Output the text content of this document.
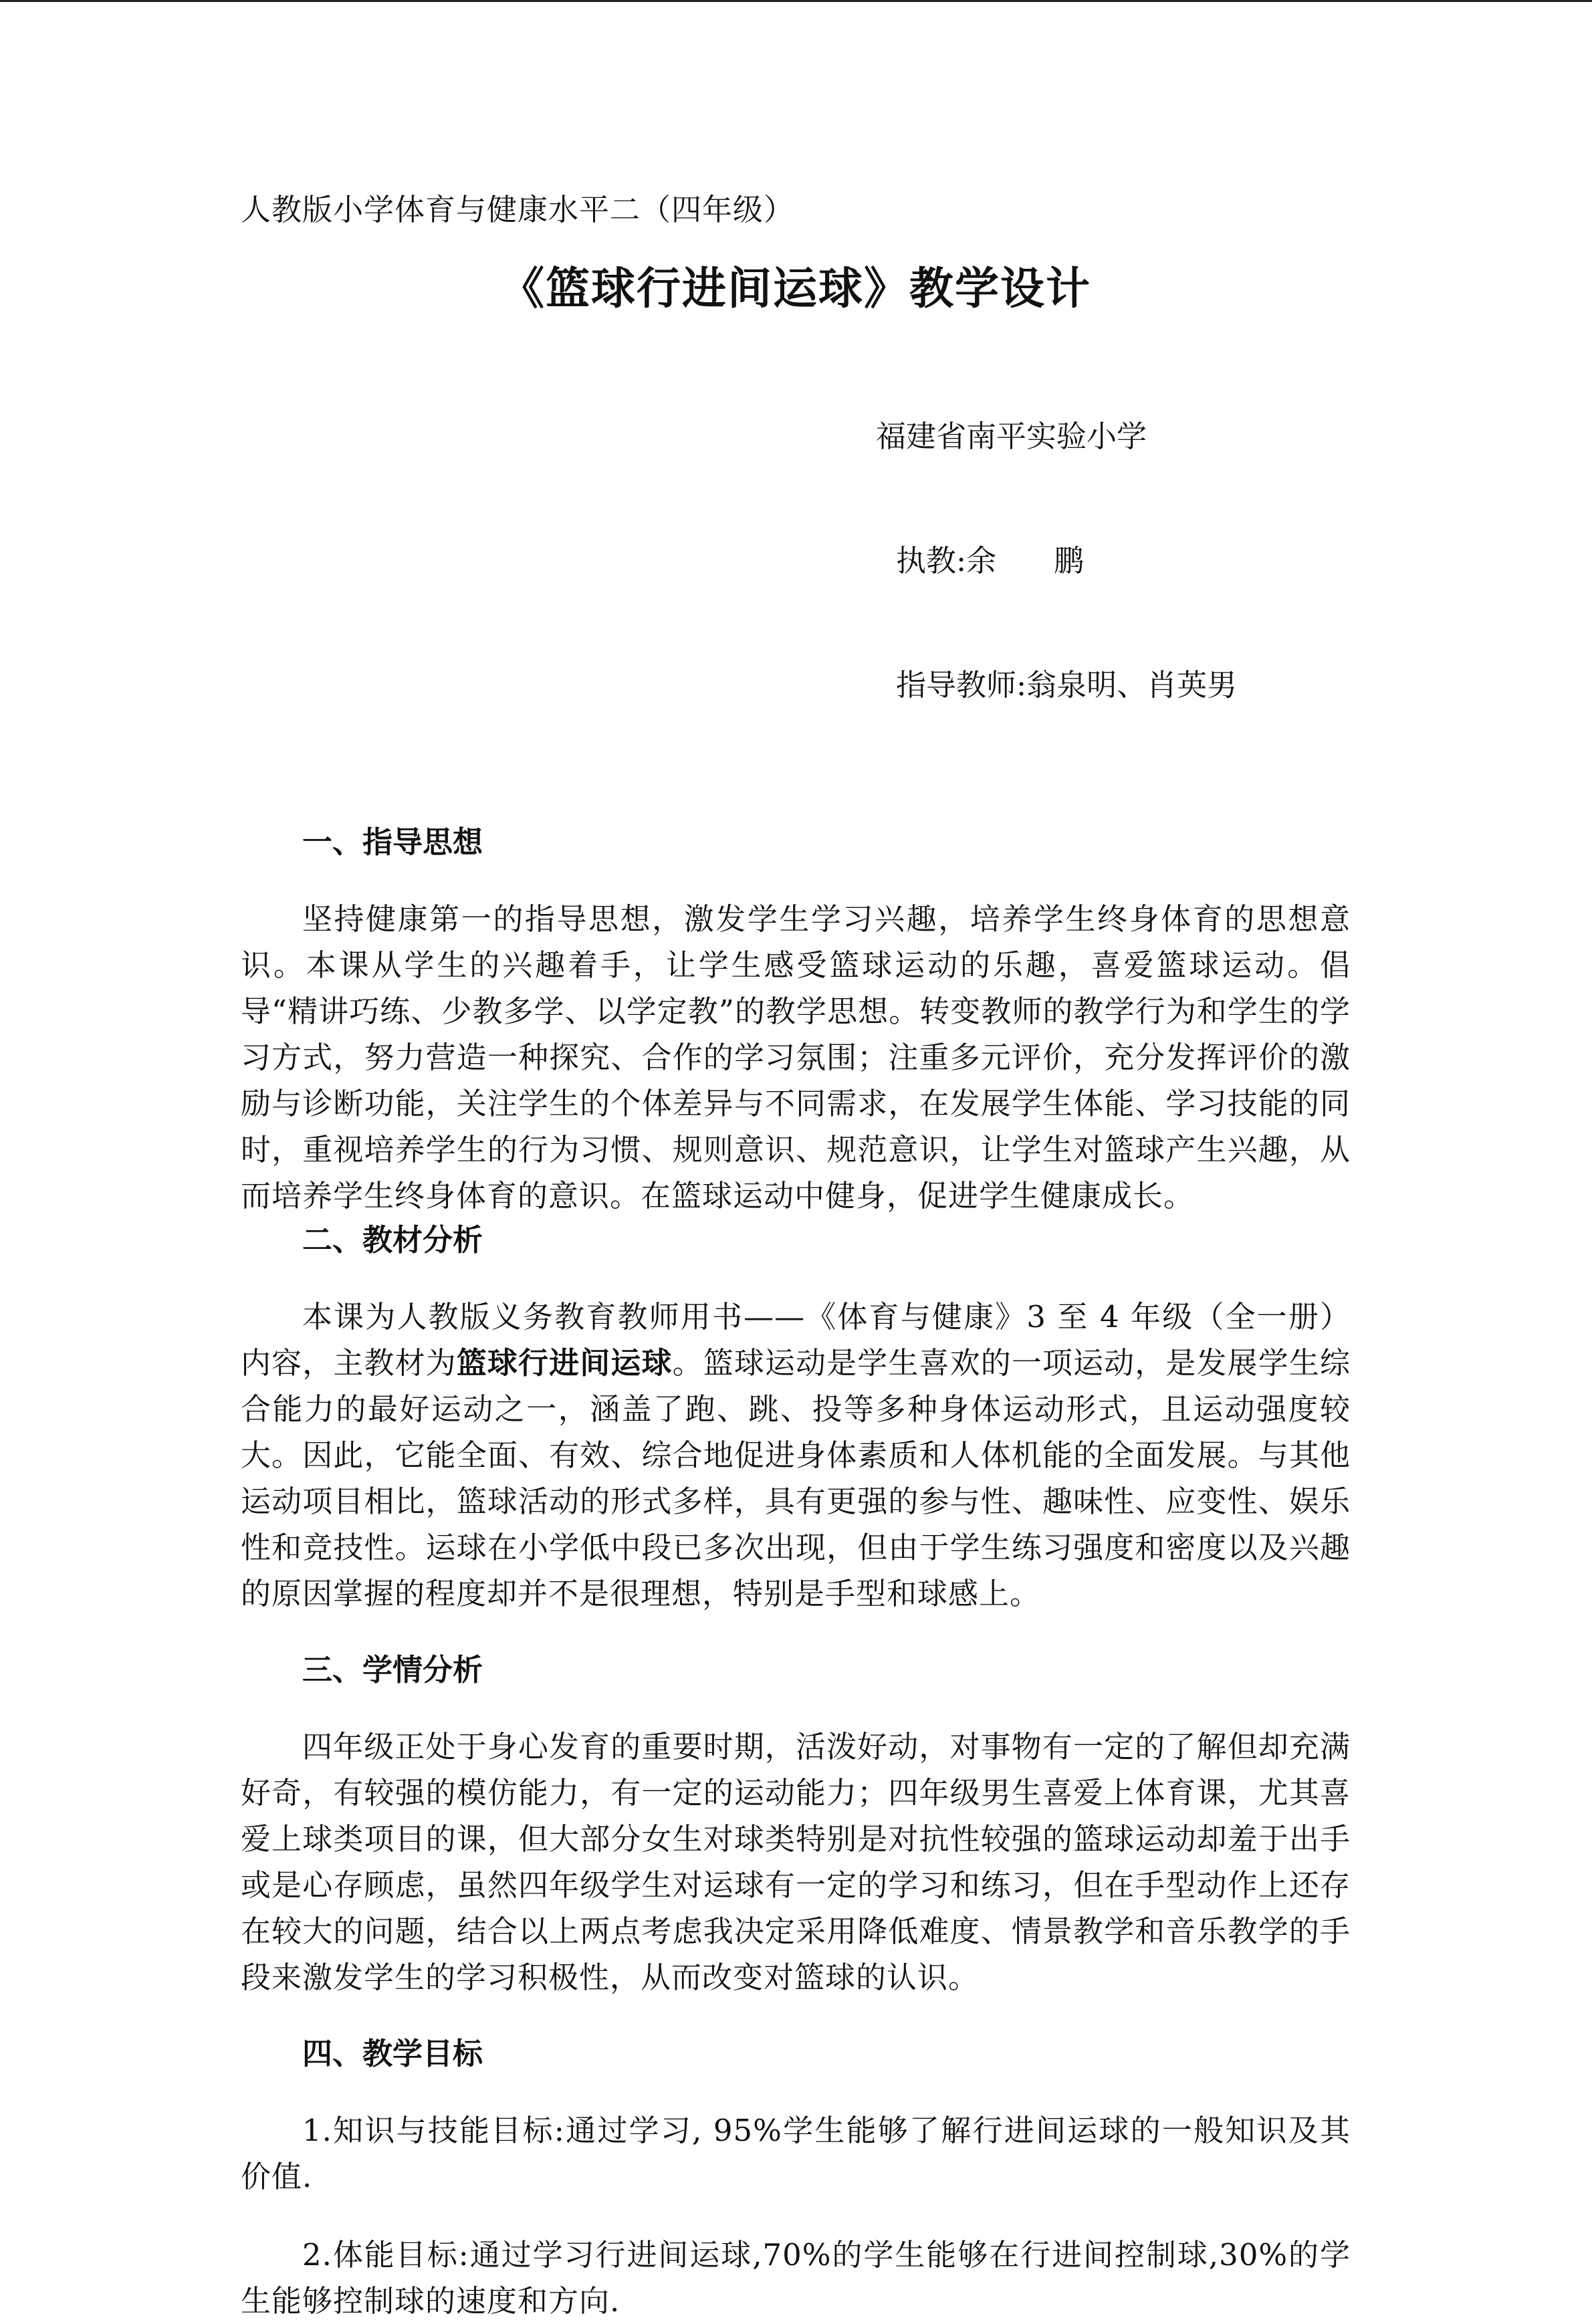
人教版小学体育与健康水平二（四年级）
《篮球行进间运球》教学设计

福建省南平实验小学

执教:余      鹏

指导教师:翁泉明、肖英男

一、指导思想

坚持健康第一的指导思想，激发学生学习兴趣，培养学生终身体育的思想意识。本课从学生的兴趣着手，让学生感受篮球运动的乐趣，喜爱篮球运动。倡导“精讲巧练、少教多学、以学定教”的教学思想。转变教师的教学行为和学生的学习方式，努力营造一种探究、合作的学习氛围；注重多元评价，充分发挥评价的激励与诊断功能，关注学生的个体差异与不同需求，在发展学生体能、学习技能的同时，重视培养学生的行为习惯、规则意识、规范意识，让学生对篮球产生兴趣，从而培养学生终身体育的意识。在篮球运动中健身，促进学生健康成长。

二、教材分析

本课为人教版义务教育教师用书——《体育与健康》3 至 4 年级（全一册）内容，主教材为篮球行进间运球。篮球运动是学生喜欢的一项运动，是发展学生综合能力的最好运动之一，涵盖了跑、跳、投等多种身体运动形式，且运动强度较大。因此，它能全面、有效、综合地促进身体素质和人体机能的全面发展。与其他运动项目相比，篮球活动的形式多样，具有更强的参与性、趣味性、应变性、娱乐性和竞技性。运球在小学低中段已多次出现，但由于学生练习强度和密度以及兴趣的原因掌握的程度却并不是很理想，特别是手型和球感上。

三、学情分析

四年级正处于身心发育的重要时期，活泼好动，对事物有一定的了解但却充满好奇，有较强的模仿能力，有一定的运动能力；四年级男生喜爱上体育课，尤其喜爱上球类项目的课，但大部分女生对球类特别是对抗性较强的篮球运动却羞于出手或是心存顾虑，虽然四年级学生对运球有一定的学习和练习，但在手型动作上还存在较大的问题，结合以上两点考虑我决定采用降低难度、情景教学和音乐教学的手段来激发学生的学习积极性，从而改变对篮球的认识。

四、教学目标

1.知识与技能目标:通过学习, 95%学生能够了解行进间运球的一般知识及其价值.

2.体能目标:通过学习行进间运球,70%的学生能够在行进间控制球,30%的学生能够控制球的速度和方向.
